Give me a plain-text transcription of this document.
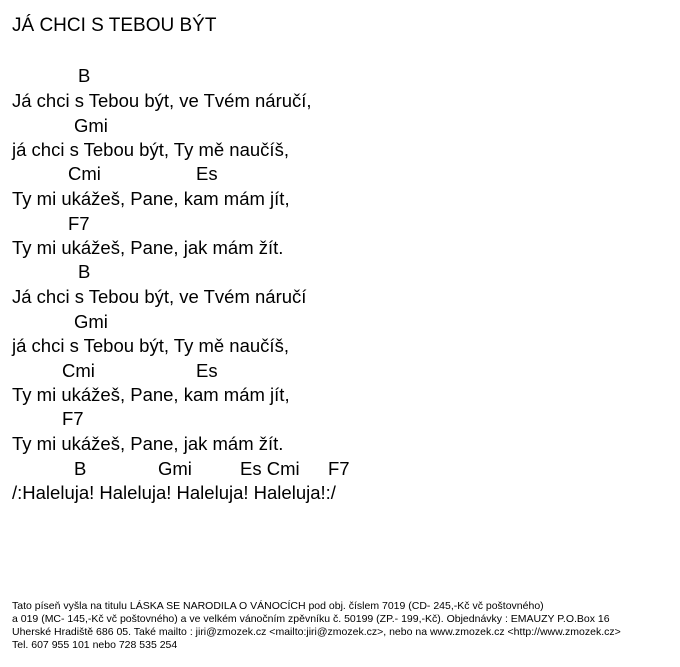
JÁ CHCI S TEBOU BÝT
B
Já chci s Tebou být, ve Tvém náručí,
Gmi
já chci s Tebou být, Ty mě naučíš,
Cmi	Es
Ty mi ukážeš, Pane, kam mám jít,
F7
Ty mi ukážeš, Pane, jak mám žít.
B
Já chci s Tebou být, ve Tvém náručí
Gmi
já chci s Tebou být, Ty mě naučíš,
Cmi	Es
Ty mi ukážeš, Pane, kam mám jít,
F7
Ty mi ukážeš, Pane, jak mám žít.
B	Gmi	Es Cmi F7
/:Haleluja! Haleluja! Haleluja! Haleluja!:/
Tato píseň vyšla na titulu LÁSKA SE NARODILA O VÁNOCÍCH pod obj. číslem 7019 (CD- 245,-Kč vč poštovného)
a 019 (MC- 145,-Kč vč poštovného) a ve velkém vánočním zpěvníku č. 50199 (ZP.- 199,-Kč). Objednávky : EMAUZY P.O.Box 16
Uherské Hradiště 686 05. Také mailto : jiri@zmozek.cz <mailto:jiri@zmozek.cz>, nebo na www.zmozek.cz <http://www.zmozek.cz>
Tel. 607 955 101 nebo 728 535 254
